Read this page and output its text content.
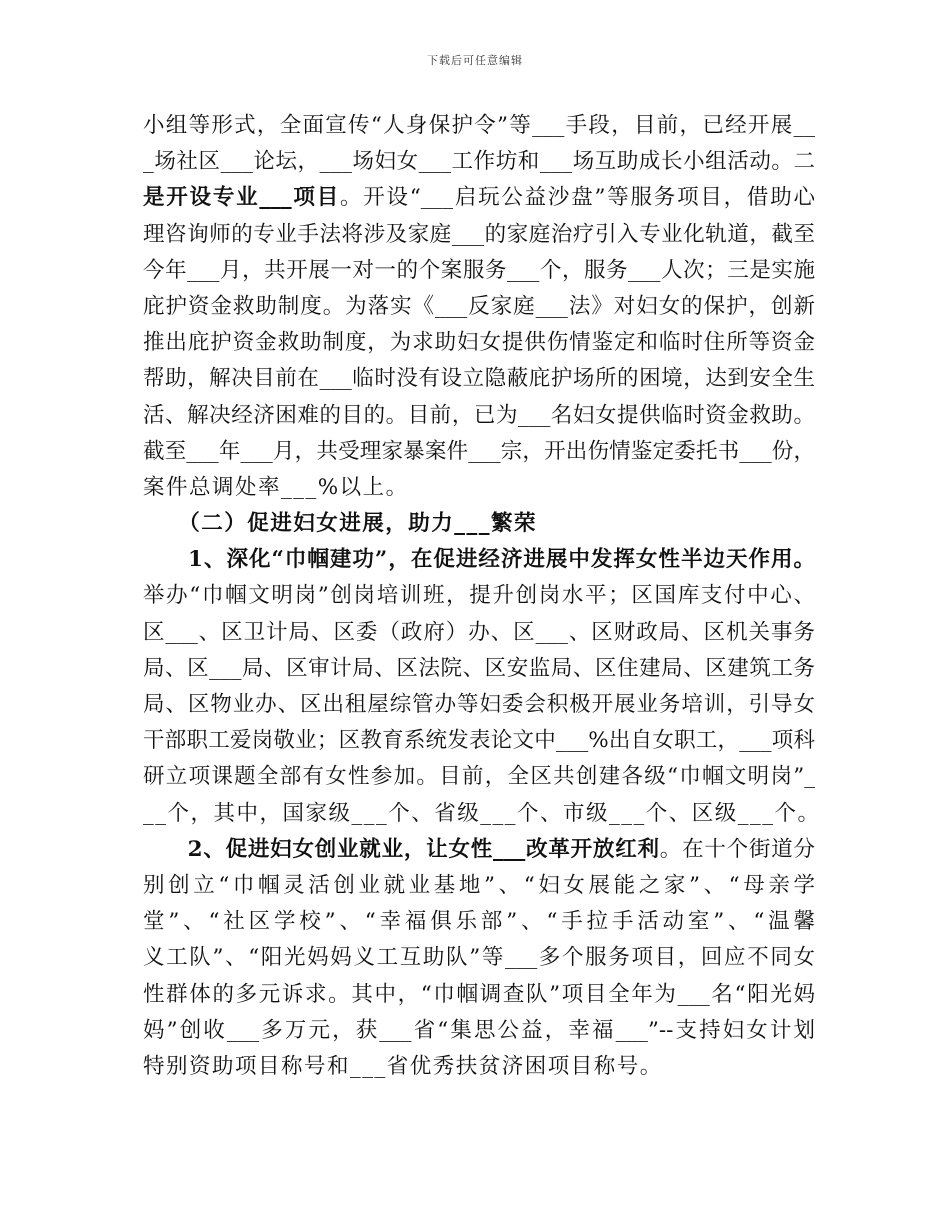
下载后可任意编辑
小组等形式，全面宣传“人身保护令”等___手段，目前，已经开展__
_场社区___论坛，___场妇女___工作坊和___场互助成长小组活动。二
是开设专业___项目。开设“___启玩公益沙盘”等服务项目，借助心
理咨询师的专业手法将涉及家庭___的家庭治疗引入专业化轨道，截至
今年___月，共开展一对一的个案服务___个，服务___人次；三是实施
庇护资金救助制度。为落实《___反家庭___法》对妇女的保护，创新
推出庇护资金救助制度，为求助妇女提供伤情鉴定和临时住所等资金
帮助，解决目前在___临时没有设立隐蔽庇护场所的困境，达到安全生
活、解决经济困难的目的。目前，已为___名妇女提供临时资金救助。
截至___年___月，共受理家暴案件___宗，开出伤情鉴定委托书___份，
案件总调处率___%以上。
　　（二）促进妇女进展，助力___繁荣
　　1、深化“巾帼建功”，在促进经济进展中发挥女性半边天作用。
举办“巾帼文明岗”创岗培训班，提升创岗水平；区国库支付中心、
区___、区卫计局、区委（政府）办、区___、区财政局、区机关事务
局、区___局、区审计局、区法院、区安监局、区住建局、区建筑工务
局、区物业办、区出租屋综管办等妇委会积极开展业务培训，引导女
干部职工爱岗敬业；区教育系统发表论文中___%出自女职工，___项科
研立项课题全部有女性参加。目前，全区共创建各级“巾帼文明岗”_
__个，其中，国家级___个、省级___个、市级___个、区级___个。
　　2、促进妇女创业就业，让女性___改革开放红利。在十个街道分
别创立“巾帼灵活创业就业基地”、“妇女展能之家”、“母亲学
堂”、“社区学校”、“幸福俱乐部”、“手拉手活动室”、“温馨
义工队”、“阳光妈妈义工互助队”等___多个服务项目，回应不同女
性群体的多元诉求。其中，“巾帼调查队”项目全年为___名“阳光妈
妈”创收___多万元，获___省“集思公益，幸福___”--支持妇女计划
特别资助项目称号和___省优秀扶贫济困项目称号。
